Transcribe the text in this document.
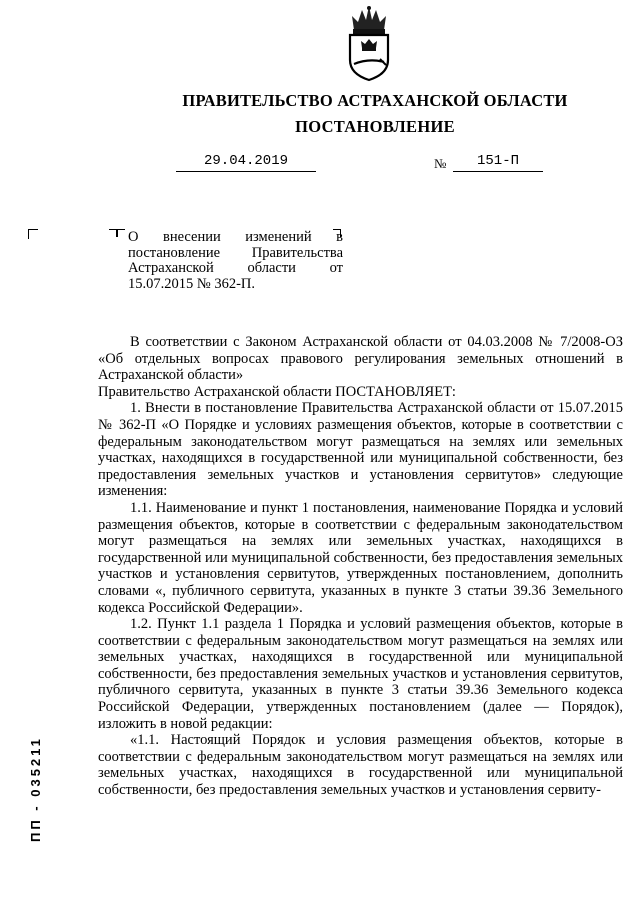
ПРАВИТЕЛЬСТВО АСТРАХАНСКОЙ ОБЛАСТИ
ПОСТАНОВЛЕНИЕ
29.04.2019	№	151-П
О внесении изменений в постановление Правительства Астраханской области от 15.07.2015 № 362-П.

В соответствии с Законом Астраханской области от 04.03.2008 № 7/2008-ОЗ «Об отдельных вопросах правового регулирования земельных отношений в Астраханской области»

Правительство Астраханской области ПОСТАНОВЛЯЕТ:

1. Внести в постановление Правительства Астраханской области от 15.07.2015 № 362-П «О Порядке и условиях размещения объектов, которые в соответствии с федеральным законодательством могут размещаться на землях или земельных участках, находящихся в государственной или муниципальной собственности, без предоставления земельных участков и установления сервитутов» следующие изменения:

1.1. Наименование и пункт 1 постановления, наименование Порядка и условий размещения объектов, которые в соответствии с федеральным законодательством могут размещаться на землях или земельных участках, находящихся в государственной или муниципальной собственности, без предоставления земельных участков и установления сервитутов, утвержденных постановлением, дополнить словами «, публичного сервитута, указанных в пункте 3 статьи 39.36 Земельного кодекса Российской Федерации».

1.2. Пункт 1.1 раздела 1 Порядка и условий размещения объектов, которые в соответствии с федеральным законодательством могут размещаться на землях или земельных участках, находящихся в государственной или муниципальной собственности, без предоставления земельных участков и установления сервитутов, публичного сервитута, указанных в пункте 3 статьи 39.36 Земельного кодекса Российской Федерации, утвержденных постановлением (далее — Порядок), изложить в новой редакции:

«1.1. Настоящий Порядок и условия размещения объектов, которые в соответствии с федеральным законодательством могут размещаться на землях или земельных участках, находящихся в государственной или муниципальной собственности, без предоставления земельных участков и установления сервиту-

ПП - 035211
